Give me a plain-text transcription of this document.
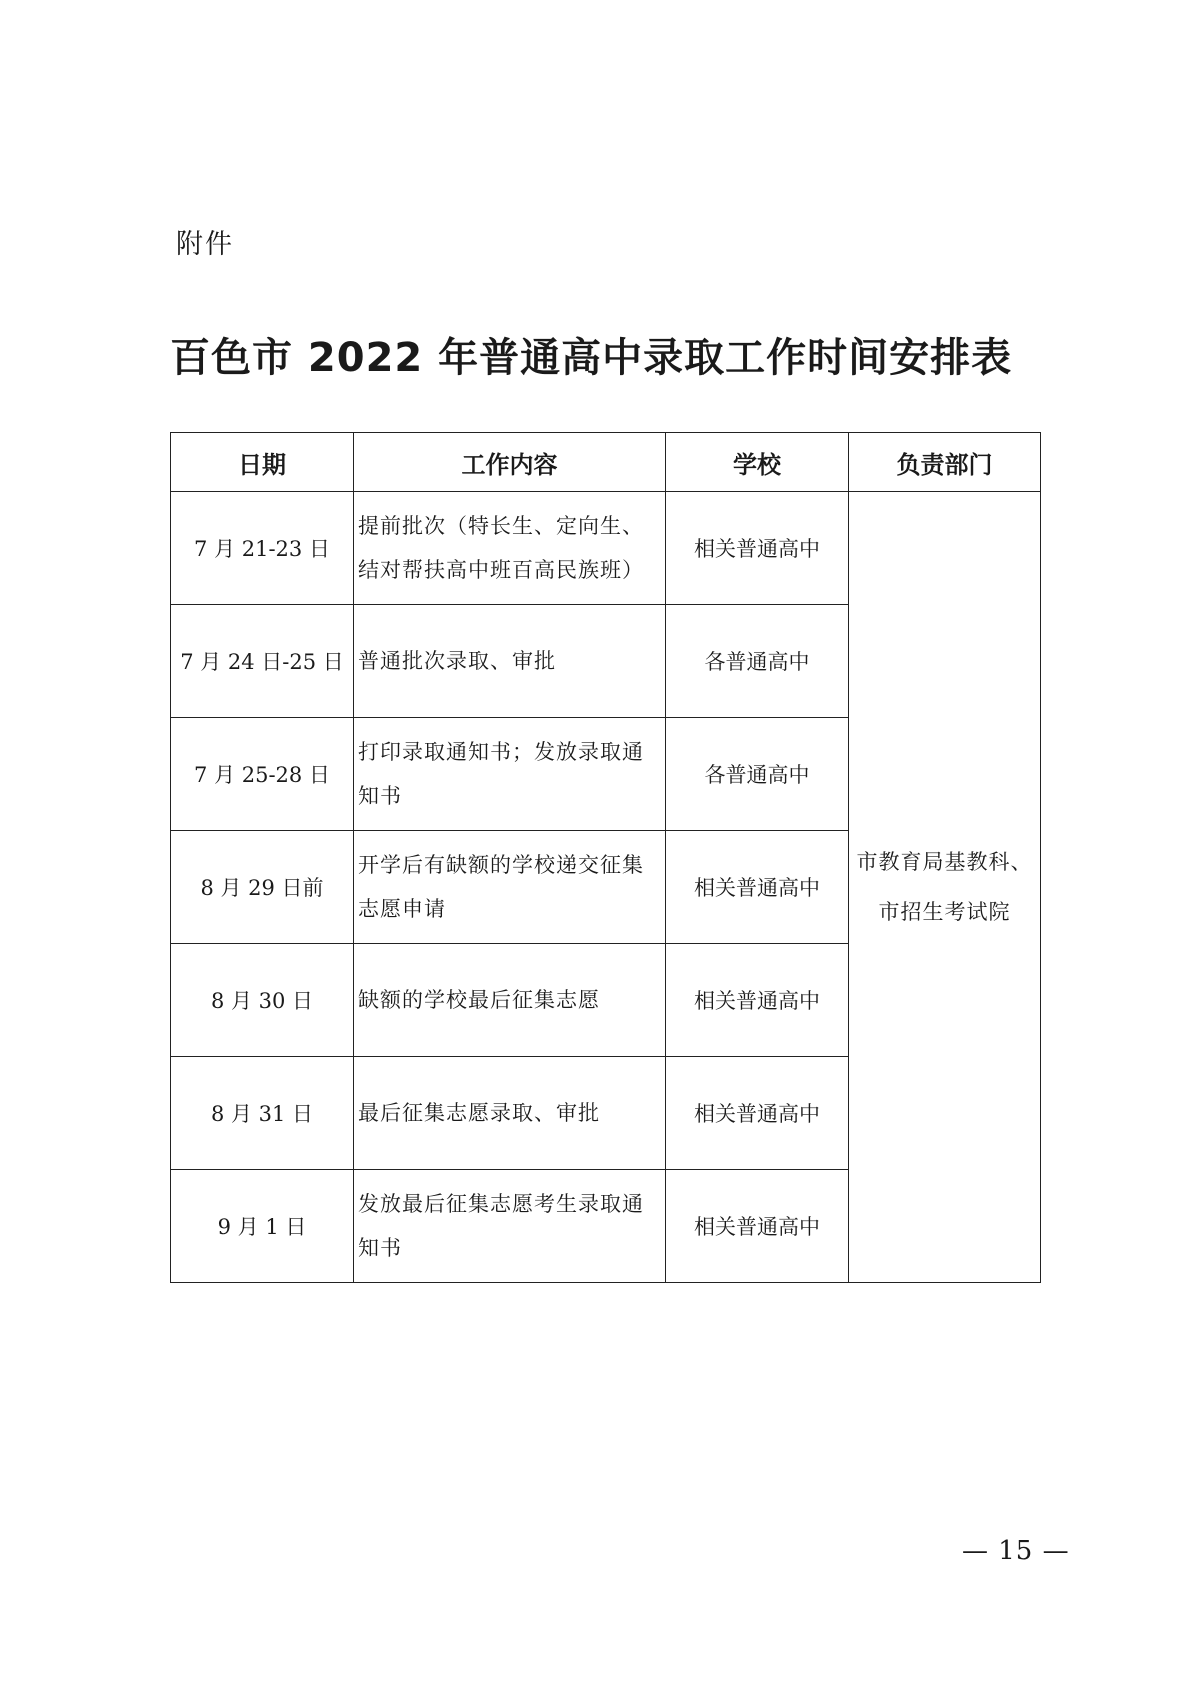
附件
百色市 2022 年普通高中录取工作时间安排表
日期	工作内容	学校	负责部门
7 月 21-23 日	提前批次（特长生、定向生、结对帮扶高中班百高民族班）	相关普通高中	市教育局基教科、市招生考试院
7 月 24 日-25 日	普通批次录取、审批	各普通高中	
7 月 25-28 日	打印录取通知书；发放录取通知书	各普通高中	
8 月 29 日前	开学后有缺额的学校递交征集志愿申请	相关普通高中	
8 月 30 日	缺额的学校最后征集志愿	相关普通高中	
8 月 31 日	最后征集志愿录取、审批	相关普通高中	
9 月 1 日	发放最后征集志愿考生录取通知书	相关普通高中	
— 15 —
